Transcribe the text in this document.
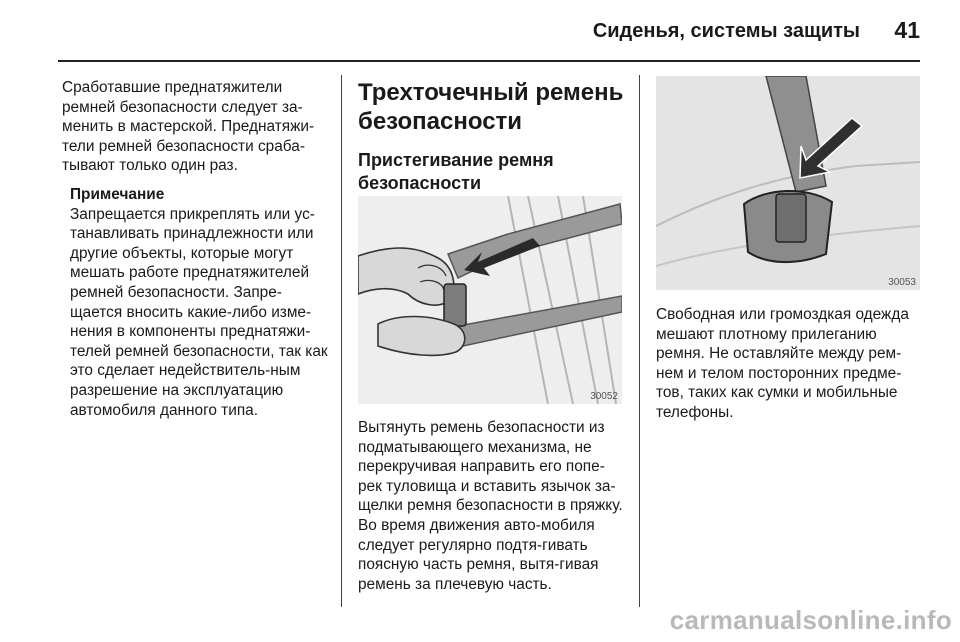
Сиденья, системы защиты	41

Сработавшие преднатяжители ремней безопасности следует за-менить в мастерской. Преднатяжи-тели ремней безопасности сраба-тывают только один раз.

Примечание

Запрещается прикреплять или ус-танавливать принадлежности или другие объекты, которые могут мешать работе преднатяжителей ремней безопасности. Запре-щается вносить какие-либо изме-нения в компоненты преднатяжи-телей ремней безопасности, так как это сделает недействитель-ным разрешение на эксплуатацию автомобиля данного типа.

Трехточечный ремень безопасности
Пристегивание ремня безопасности
30052

Вытянуть ремень безопасности из подматывающего механизма, не перекручивая направить его попе-рек туловища и вставить язычок за-щелки ремня безопасности в пряжку. Во время движения авто-мобиля следует регулярно подтя-гивать поясную часть ремня, вытя-гивая ремень за плечевую часть.

30053

Свободная или громоздкая одежда мешают плотному прилеганию ремня. Не оставляйте между рем-нем и телом посторонних предме-тов, таких как сумки и мобильные телефоны.

carmanualsonline.info
